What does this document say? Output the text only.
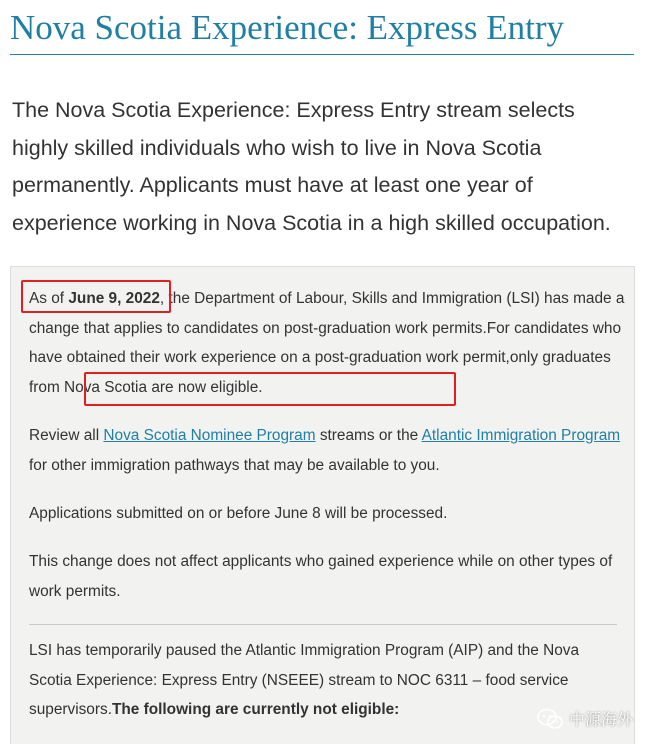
Nova Scotia Experience: Express Entry

The Nova Scotia Experience: Express Entry stream selects highly skilled individuals who wish to live in Nova Scotia permanently. Applicants must have at least one year of experience working in Nova Scotia in a high skilled occupation.

As of June 9, 2022, the Department of Labour, Skills and Immigration (LSI) has made a change that applies to candidates on post-graduation work permits.For candidates who have obtained their work experience on a post-graduation work permit,only graduates from Nova Scotia are now eligible.

Review all Nova Scotia Nominee Program streams or the Atlantic Immigration Program for other immigration pathways that may be available to you.

Applications submitted on or before June 8 will be processed.

This change does not affect applicants who gained experience while on other types of work permits.

LSI has temporarily paused the Atlantic Immigration Program (AIP) and the Nova Scotia Experience: Express Entry (NSEEE) stream to NOC 6311 – food service supervisors.The following are currently not eligible:

中源海外
